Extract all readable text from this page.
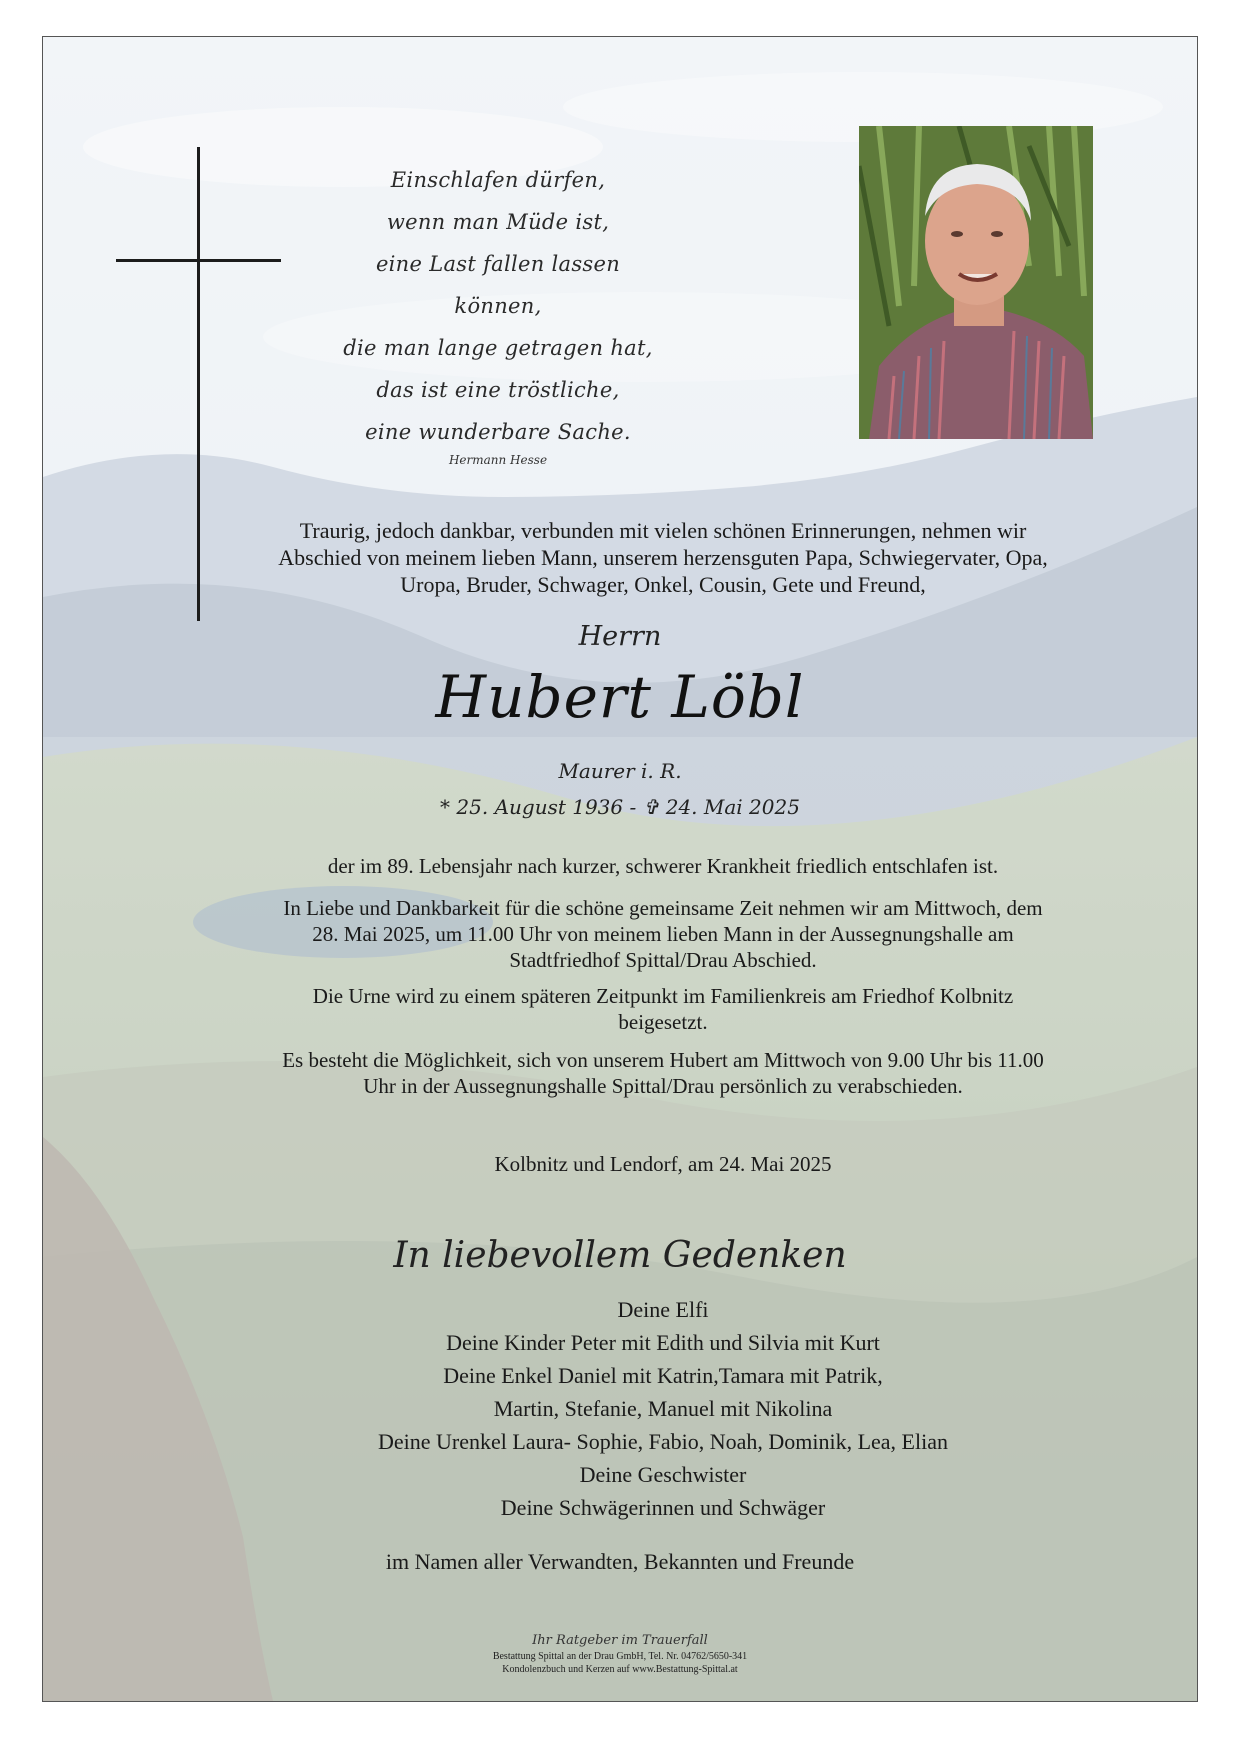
Einschlafen dürfen,
wenn man Müde ist,
eine Last fallen lassen können,
die man lange getragen hat,
das ist eine tröstliche,
eine wunderbare Sache.
Hermann Hesse
Traurig, jedoch dankbar, verbunden mit vielen schönen Erinnerungen, nehmen wir Abschied von meinem lieben Mann, unserem herzensguten Papa, Schwiegervater, Opa, Uropa, Bruder, Schwager, Onkel, Cousin, Gete und Freund,
Herrn
Hubert Löbl
Maurer i. R.
* 25. August 1936 - ✞ 24. Mai 2025
der im 89. Lebensjahr nach kurzer, schwerer Krankheit friedlich entschlafen ist.
In Liebe und Dankbarkeit für die schöne gemeinsame Zeit nehmen wir am Mittwoch, dem 28. Mai 2025, um 11.00 Uhr von meinem lieben Mann in der Aussegnungshalle am Stadtfriedhof Spittal/Drau Abschied.
Die Urne wird zu einem späteren Zeitpunkt im Familienkreis am Friedhof Kolbnitz beigesetzt.
Es besteht die Möglichkeit, sich von unserem Hubert am Mittwoch von 9.00 Uhr bis 11.00 Uhr in der Aussegnungshalle Spittal/Drau persönlich zu verabschieden.
Kolbnitz und Lendorf, am 24. Mai 2025
In liebevollem Gedenken
Deine Elfi
Deine Kinder Peter mit Edith und Silvia mit Kurt
Deine Enkel Daniel mit Katrin,Tamara mit Patrik,
Martin, Stefanie, Manuel mit Nikolina
Deine Urenkel Laura- Sophie, Fabio, Noah, Dominik, Lea, Elian
Deine Geschwister
Deine Schwägerinnen und Schwäger
im Namen aller Verwandten, Bekannten und Freunde
Ihr Ratgeber im Trauerfall
Bestattung Spittal an der Drau GmbH, Tel. Nr. 04762/5650-341
Kondolenzbuch und Kerzen auf www.Bestattung-Spittal.at
